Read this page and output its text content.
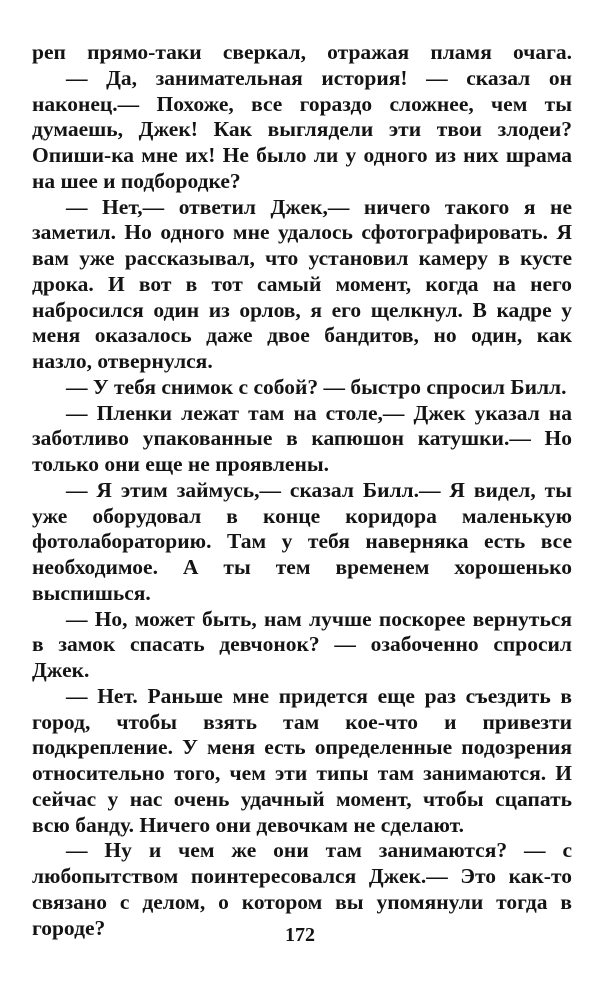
реп прямо-таки сверкал, отражая пламя очага.

— Да, занимательная история! — сказал он наконец.— Похоже, все гораздо сложнее, чем ты думаешь, Джек! Как выглядели эти твои злодеи? Опиши-ка мне их! Не было ли у одного из них шрама на шее и подбородке?

— Нет,— ответил Джек,— ничего такого я не заметил. Но одного мне удалось сфотографировать. Я вам уже рассказывал, что установил камеру в кусте дрока. И вот в тот самый момент, когда на него набросился один из орлов, я его щелкнул. В кадре у меня оказалось даже двое бандитов, но один, как назло, отвернулся.

— У тебя снимок с собой? — быстро спросил Билл.

— Пленки лежат там на столе,— Джек указал на заботливо упакованные в капюшон катушки.— Но только они еще не проявлены.

— Я этим займусь,— сказал Билл.— Я видел, ты уже оборудовал в конце коридора маленькую фотолабораторию. Там у тебя наверняка есть все необходимое. А ты тем временем хорошенько выспишься.

— Но, может быть, нам лучше поскорее вернуться в замок спасать девчонок? — озабоченно спросил Джек.

— Нет. Раньше мне придется еще раз съездить в город, чтобы взять там кое-что и привезти подкрепление. У меня есть определенные подозрения относительно того, чем эти типы там занимаются. И сейчас у нас очень удачный момент, чтобы сцапать всю банду. Ничего они девочкам не сделают.

— Ну и чем же они там занимаются? — с любопытством поинтересовался Джек.— Это как-то связано с делом, о котором вы упомянули тогда в городе?	172
